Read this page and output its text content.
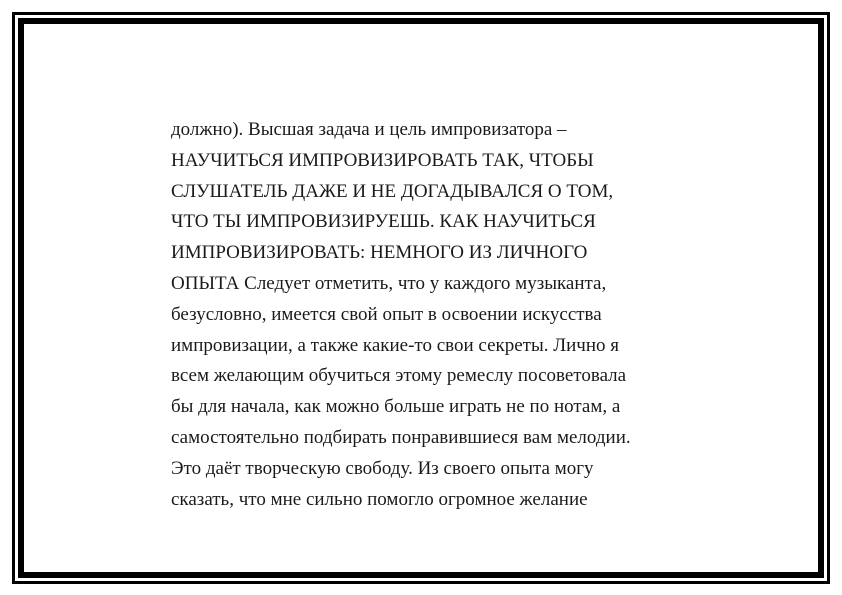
должно). Высшая задача и цель импровизатора –
НАУЧИТЬСЯ ИМПРОВИЗИРОВАТЬ ТАК, ЧТОБЫ
СЛУШАТЕЛЬ ДАЖЕ И НЕ ДОГАДЫВАЛСЯ О ТОМ,
ЧТО ТЫ ИМПРОВИЗИРУЕШЬ. КАК НАУЧИТЬСЯ
ИМПРОВИЗИРОВАТЬ: НЕМНОГО ИЗ ЛИЧНОГО
ОПЫТА Следует отметить, что у каждого музыканта,
безусловно, имеется свой опыт в освоении искусства
импровизации, а также какие-то свои секреты. Лично я
всем желающим обучиться этому ремеслу посоветовала
бы для начала, как можно больше играть не по нотам, а
самостоятельно подбирать понравившиеся вам мелодии.
Это даёт творческую свободу. Из своего опыта могу
сказать, что мне сильно помогло огромное желание
